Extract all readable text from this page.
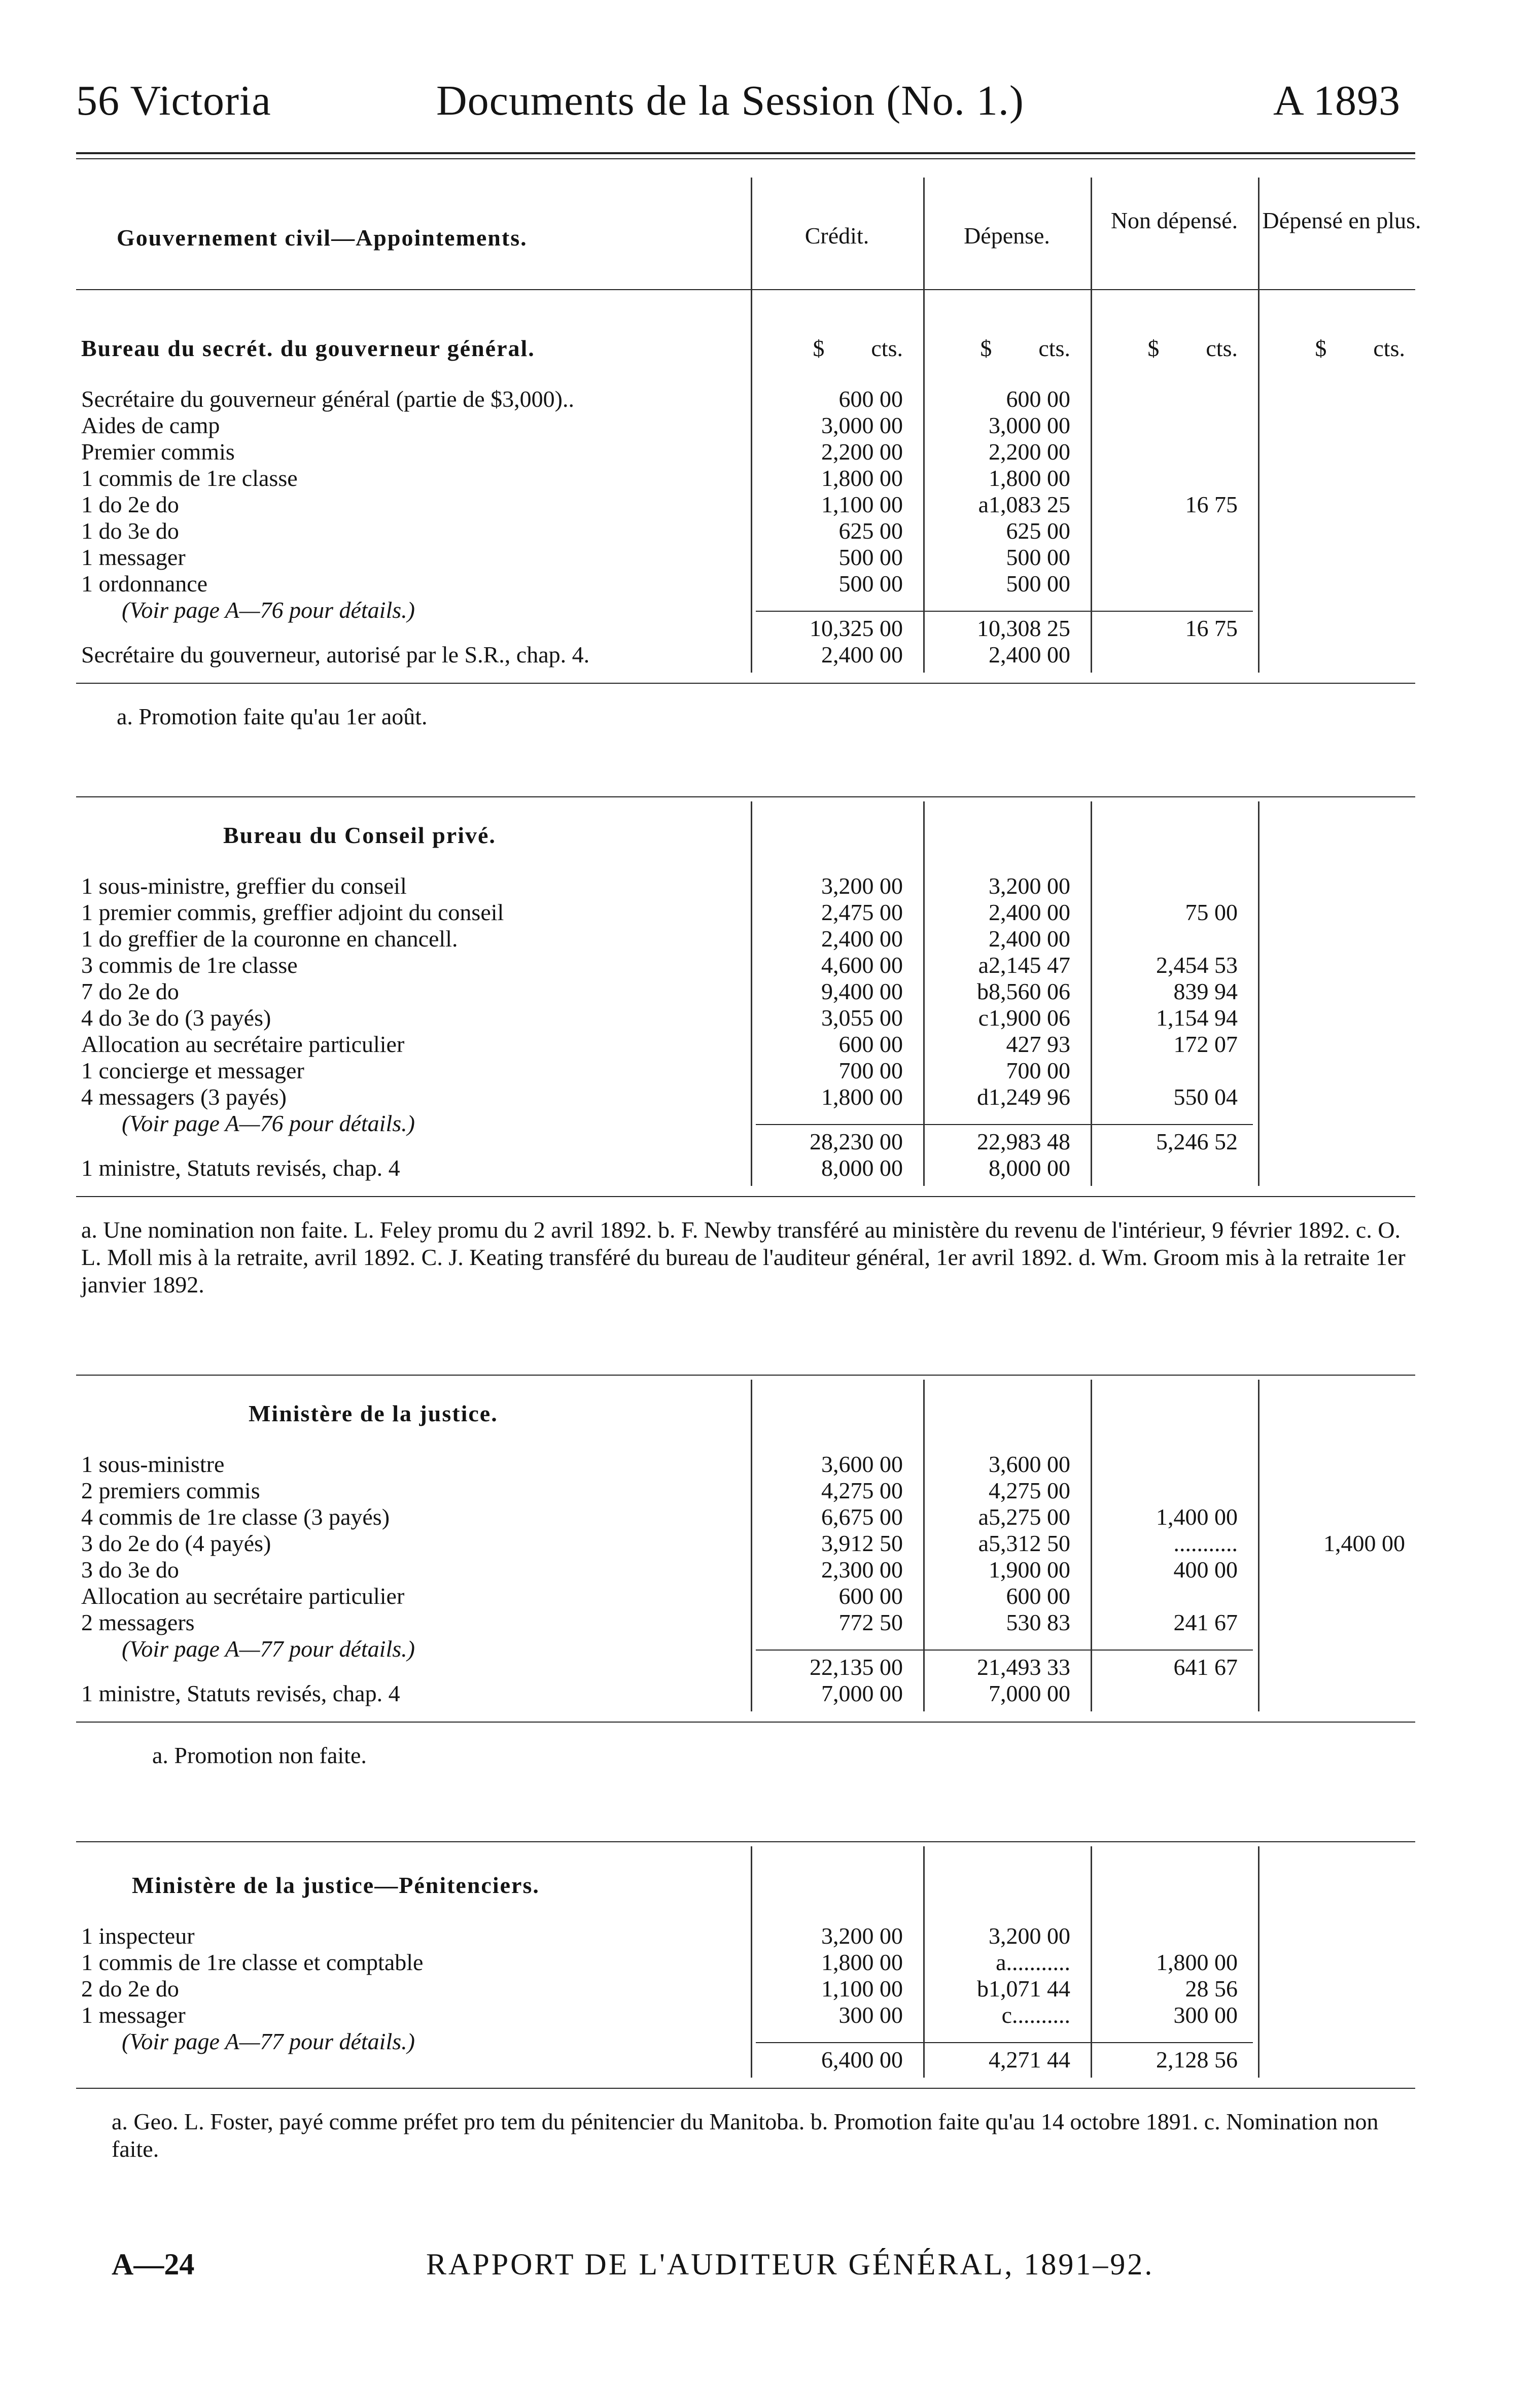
56 Victoria	Documents de la Session (No. 1.)	A 1893
Gouvernement civil—Appointements.	Crédit.	Dépense.
Non dépensé.	Dépensé en plus.
Bureau du secrét. du gouverneur général.	$   cts.	$   cts.	$   cts.	$   cts.
Secrétaire du gouverneur général (partie de $3,000)..	600 00	600 00
Aides de camp	3,000 00	3,000 00
Premier commis	2,200 00	2,200 00
1 commis de 1re classe	1,800 00	1,800 00
1 do 2e do	1,100 00	a1,083 25	16 75
1 do 3e do	625 00	625 00
1 messager	500 00	500 00
1 ordonnance	500 00	500 00
(Voir page A—76 pour détails.)
10,325 00	10,308 25	16 75
Secrétaire du gouverneur, autorisé par le S.R., chap. 4.	2,400 00	2,400 00
a. Promotion faite qu'au 1er août.
Bureau du Conseil privé.
1 sous-ministre, greffier du conseil	3,200 00	3,200 00
1 premier commis, greffier adjoint du conseil	2,475 00	2,400 00	75 00
1 do greffier de la couronne en chancell.	2,400 00	2,400 00
3 commis de 1re classe	4,600 00	a2,145 47	2,454 53
7 do 2e do	9,400 00	b8,560 06	839 94
4 do 3e do (3 payés)	3,055 00	c1,900 06	1,154 94
Allocation au secrétaire particulier	600 00	427 93	172 07
1 concierge et messager	700 00	700 00
4 messagers (3 payés)	1,800 00	d1,249 96	550 04
(Voir page A—76 pour détails.)
28,230 00	22,983 48	5,246 52
1 ministre, Statuts revisés, chap. 4	8,000 00	8,000 00
a. Une nomination non faite. L. Feley promu du 2 avril 1892. b. F. Newby transféré au ministère du revenu de l'intérieur, 9 février 1892. c. O. L. Moll mis à la retraite, avril 1892. C. J. Keating transféré du bureau de l'auditeur général, 1er avril 1892. d. Wm. Groom mis à la retraite 1er janvier 1892.
Ministère de la justice.
1 sous-ministre	3,600 00	3,600 00
2 premiers commis	4,275 00	4,275 00
4 commis de 1re classe (3 payés)	6,675 00	a5,275 00	1,400 00
3 do 2e do (4 payés)	3,912 50	a5,312 50	...........	1,400 00
3 do 3e do	2,300 00	1,900 00	400 00
Allocation au secrétaire particulier	600 00	600 00
2 messagers	772 50	530 83	241 67
(Voir page A—77 pour détails.)
22,135 00	21,493 33	641 67
1 ministre, Statuts revisés, chap. 4	7,000 00	7,000 00
a. Promotion non faite.
Ministère de la justice—Pénitenciers.
1 inspecteur	3,200 00	3,200 00
1 commis de 1re classe et comptable	1,800 00	a...........	1,800 00
2 do 2e do	1,100 00	b1,071 44	28 56
1 messager	300 00	c..........	300 00
(Voir page A—77 pour détails.)
6,400 00	4,271 44	2,128 56
a. Geo. L. Foster, payé comme préfet pro tem du pénitencier du Manitoba. b. Promotion faite qu'au 14 octobre 1891. c. Nomination non faite.
A—24	RAPPORT DE L'AUDITEUR GÉNÉRAL, 1891–92.
